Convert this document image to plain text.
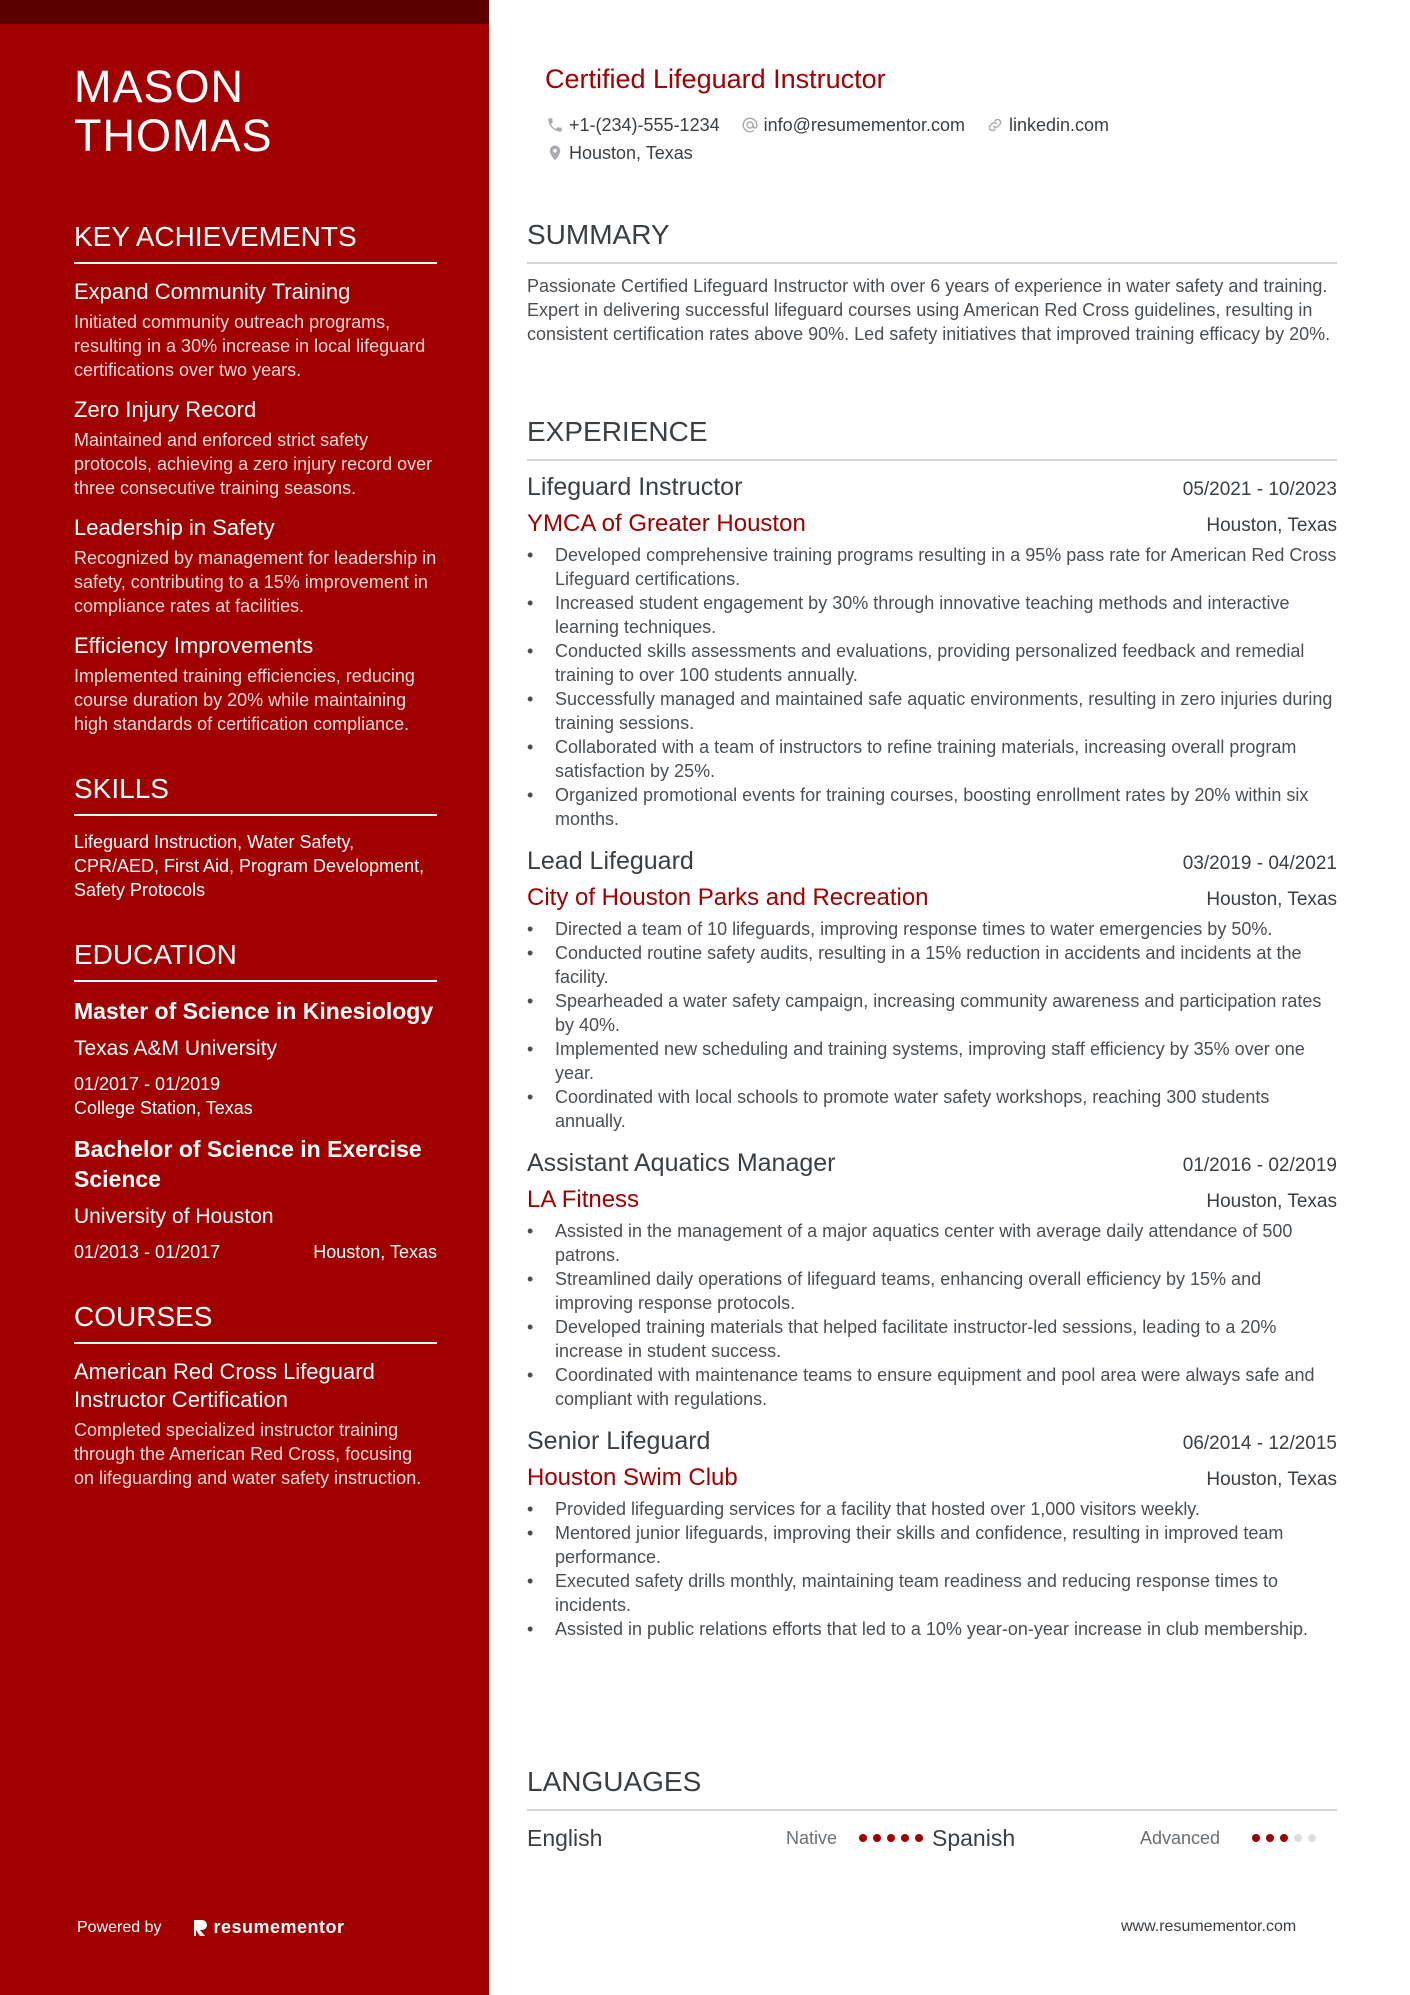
MASON
THOMAS
KEY ACHIEVEMENTS
Expand Community Training
Initiated community outreach programs, resulting in a 30% increase in local lifeguard certifications over two years.
Zero Injury Record
Maintained and enforced strict safety protocols, achieving a zero injury record over three consecutive training seasons.
Leadership in Safety
Recognized by management for leadership in safety, contributing to a 15% improvement in compliance rates at facilities.
Efficiency Improvements
Implemented training efficiencies, reducing course duration by 20% while maintaining high standards of certification compliance.
SKILLS
Lifeguard Instruction, Water Safety, CPR/AED, First Aid, Program Development, Safety Protocols
EDUCATION
Master of Science in Kinesiology
Texas A&M University
01/2017 - 01/2019
College Station, Texas
Bachelor of Science in Exercise Science
University of Houston
01/2013 - 01/2017	Houston, Texas
COURSES
American Red Cross Lifeguard Instructor Certification
Completed specialized instructor training through the American Red Cross, focusing on lifeguarding and water safety instruction.
Powered by	resumementor
Certified Lifeguard Instructor
+1-(234)-555-1234 info@resumementor.com linkedin.com
Houston, Texas
SUMMARY
Passionate Certified Lifeguard Instructor with over 6 years of experience in water safety and training. Expert in delivering successful lifeguard courses using American Red Cross guidelines, resulting in consistent certification rates above 90%. Led safety initiatives that improved training efficacy by 20%.
EXPERIENCE
Lifeguard Instructor	05/2021 - 10/2023
YMCA of Greater Houston	Houston, Texas
• Developed comprehensive training programs resulting in a 95% pass rate for American Red Cross Lifeguard certifications.
• Increased student engagement by 30% through innovative teaching methods and interactive learning techniques.
• Conducted skills assessments and evaluations, providing personalized feedback and remedial training to over 100 students annually.
• Successfully managed and maintained safe aquatic environments, resulting in zero injuries during training sessions.
• Collaborated with a team of instructors to refine training materials, increasing overall program satisfaction by 25%.
• Organized promotional events for training courses, boosting enrollment rates by 20% within six months.
Lead Lifeguard	03/2019 - 04/2021
City of Houston Parks and Recreation	Houston, Texas
• Directed a team of 10 lifeguards, improving response times to water emergencies by 50%.
• Conducted routine safety audits, resulting in a 15% reduction in accidents and incidents at the facility.
• Spearheaded a water safety campaign, increasing community awareness and participation rates by 40%.
• Implemented new scheduling and training systems, improving staff efficiency by 35% over one year.
• Coordinated with local schools to promote water safety workshops, reaching 300 students annually.
Assistant Aquatics Manager	01/2016 - 02/2019
LA Fitness	Houston, Texas
• Assisted in the management of a major aquatics center with average daily attendance of 500 patrons.
• Streamlined daily operations of lifeguard teams, enhancing overall efficiency by 15% and improving response protocols.
• Developed training materials that helped facilitate instructor-led sessions, leading to a 20% increase in student success.
• Coordinated with maintenance teams to ensure equipment and pool area were always safe and compliant with regulations.
Senior Lifeguard	06/2014 - 12/2015
Houston Swim Club	Houston, Texas
• Provided lifeguarding services for a facility that hosted over 1,000 visitors weekly.
• Mentored junior lifeguards, improving their skills and confidence, resulting in improved team performance.
• Executed safety drills monthly, maintaining team readiness and reducing response times to incidents.
• Assisted in public relations efforts that led to a 10% year-on-year increase in club membership.
LANGUAGES
English	Native	Spanish	Advanced
www.resumementor.com
